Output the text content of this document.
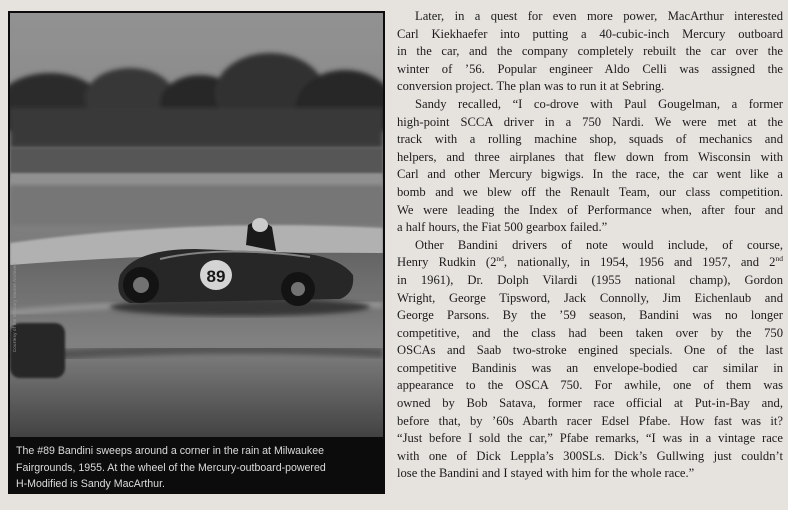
89
Courtesy of the Mercury Marine Archives
The #89 Bandini sweeps around a corner in the rain at Milwaukee
Fairgrounds, 1955. At the wheel of the Mercury-outboard-powered
H-Modified is Sandy MacArthur.
Later, in a quest for even more power, MacArthur interested
Carl Kiekhaefer into putting a 40-cubic-inch Mercury outboard
in the car, and the company completely rebuilt the car over the
winter of ’56. Popular engineer Aldo Celli was assigned the
conversion project. The plan was to run it at Sebring.
Sandy recalled, “I co-drove with Paul Gougelman, a former
high-point SCCA driver in a 750 Nardi. We were met at the
track with a rolling machine shop, squads of mechanics and
helpers, and three airplanes that flew down from Wisconsin with
Carl and other Mercury bigwigs. In the race, the car went like a
bomb and we blew off the Renault Team, our class competition.
We were leading the Index of Performance when, after four and
a half hours, the Fiat 500 gearbox failed.”
Other Bandini drivers of note would include, of course,
Henry Rudkin (2nd, nationally, in 1954, 1956 and 1957, and 2nd
in 1961), Dr. Dolph Vilardi (1955 national champ), Gordon
Wright, George Tipsword, Jack Connolly, Jim Eichenlaub and
George Parsons. By the ’59 season, Bandini was no longer
competitive, and the class had been taken over by the 750
OSCAs and Saab two-stroke engined specials. One of the last
competitive Bandinis was an envelope-bodied car similar in
appearance to the OSCA 750. For awhile, one of them was
owned by Bob Satava, former race official at Put-in-Bay and,
before that, by ’60s Abarth racer Edsel Pfabe. How fast was it?
“Just before I sold the car,” Pfabe remarks, “I was in a vintage race
with one of Dick Leppla’s 300SLs. Dick’s Gullwing just couldn’t
lose the Bandini and I stayed with him for the whole race.”
